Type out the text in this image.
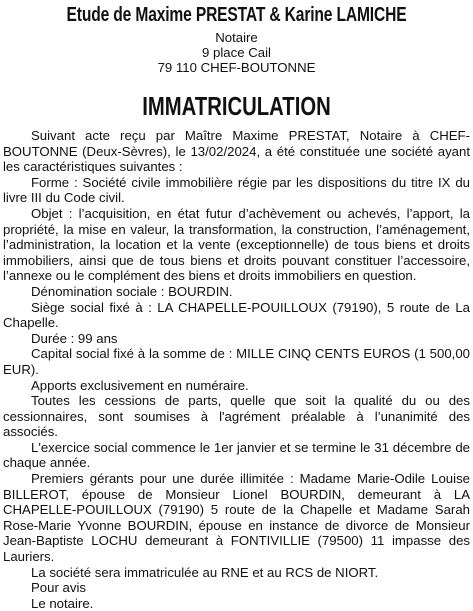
Etude de Maxime PRESTAT & Karine LAMICHE
Notaire
9 place Cail
79 110 CHEF-BOUTONNE
IMMATRICULATION

Suivant acte reçu par Maître Maxime PRESTAT, Notaire à CHEF-BOUTONNE (Deux-Sèvres), le 13/02/2024, a été constituée une société ayant les caractéristiques suivantes :

Forme : Société civile immobilière régie par les dispositions du titre IX du livre III du Code civil.

Objet : l’acquisition, en état futur d’achèvement ou achevés, l’apport, la propriété, la mise en valeur, la transformation, la construction, l’aménagement, l’administration, la location et la vente (exceptionnelle) de tous biens et droits immobiliers, ainsi que de tous biens et droits pouvant constituer l’accessoire, l’annexe ou le complément des biens et droits immobiliers en question.

Dénomination sociale : BOURDIN.

Siège social fixé à : LA CHAPELLE-POUILLOUX (79190), 5 route de La Chapelle.

Durée : 99 ans

Capital social fixé à la somme de : MILLE CINQ CENTS EUROS (1 500,00 EUR).

Apports exclusivement en numéraire.

Toutes les cessions de parts, quelle que soit la qualité du ou des cessionnaires, sont soumises à l'agrément préalable à l’unanimité des associés.

L'exercice social commence le 1er janvier et se termine le 31 décembre de chaque année.

Premiers gérants pour une durée illimitée : Madame Marie-Odile Louise BILLEROT, épouse de Monsieur Lionel BOURDIN, demeurant à LA CHAPELLE-POUILLOUX (79190) 5 route de la Chapelle et Madame Sarah Rose-Marie Yvonne BOURDIN, épouse en instance de divorce de Monsieur Jean-Baptiste LOCHU demeurant à FONTIVILLIE (79500) 11 impasse des Lauriers.

La société sera immatriculée au RNE et au RCS de NIORT.

Pour avis

Le notaire.
